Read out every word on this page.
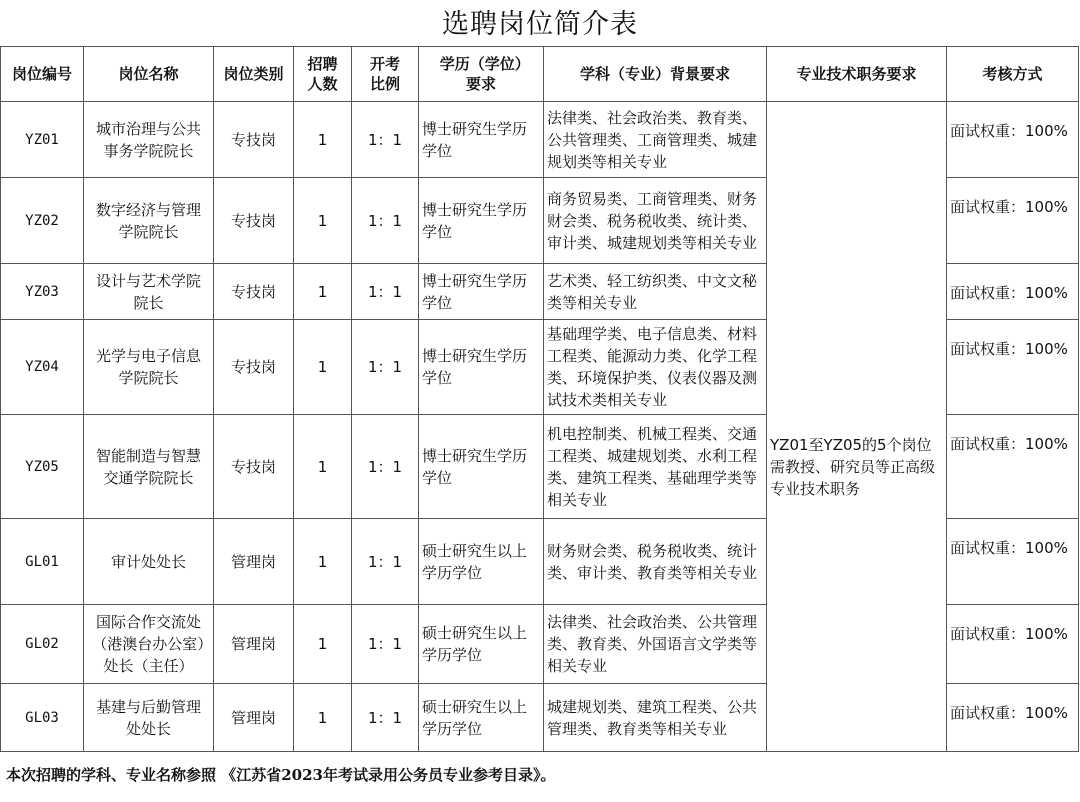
选聘岗位简介表
岗位编号	岗位名称	岗位类别	招聘人数	开考比例	学历（学位）要求	学科（专业）背景要求	专业技术职务要求	考核方式
YZ01	城市治理与公共事务学院院长	专技岗	1	1：1	博士研究生学历学位	法律类、社会政治类、教育类、公共管理类、工商管理类、城建规划类等相关专业	YZ01至YZ05的5个岗位需教授、研究员等正高级专业技术职务	面试权重：100%
YZ02	数字经济与管理学院院长	专技岗	1	1：1	博士研究生学历学位	商务贸易类、工商管理类、财务财会类、税务税收类、统计类、审计类、城建规划类等相关专业		面试权重：100%
YZ03	设计与艺术学院院长	专技岗	1	1：1	博士研究生学历学位	艺术类、轻工纺织类、中文文秘类等相关专业		面试权重：100%
YZ04	光学与电子信息学院院长	专技岗	1	1：1	博士研究生学历学位	基础理学类、电子信息类、材料工程类、能源动力类、化学工程类、环境保护类、仪表仪器及测试技术类相关专业		面试权重：100%
YZ05	智能制造与智慧交通学院院长	专技岗	1	1：1	博士研究生学历学位	机电控制类、机械工程类、交通工程类、城建规划类、水利工程类、建筑工程类、基础理学类等相关专业		面试权重：100%
GL01	审计处处长	管理岗	1	1：1	硕士研究生以上学历学位	财务财会类、税务税收类、统计类、审计类、教育类等相关专业		面试权重：100%
GL02	国际合作交流处（港澳台办公室）处长（主任）	管理岗	1	1：1	硕士研究生以上学历学位	法律类、社会政治类、公共管理类、教育类、外国语言文学类等相关专业		面试权重：100%
GL03	基建与后勤管理处处长	管理岗	1	1：1	硕士研究生以上学历学位	城建规划类、建筑工程类、公共管理类、教育类等相关专业		面试权重：100%
本次招聘的学科、专业名称参照 《江苏省2023年考试录用公务员专业参考目录》。
